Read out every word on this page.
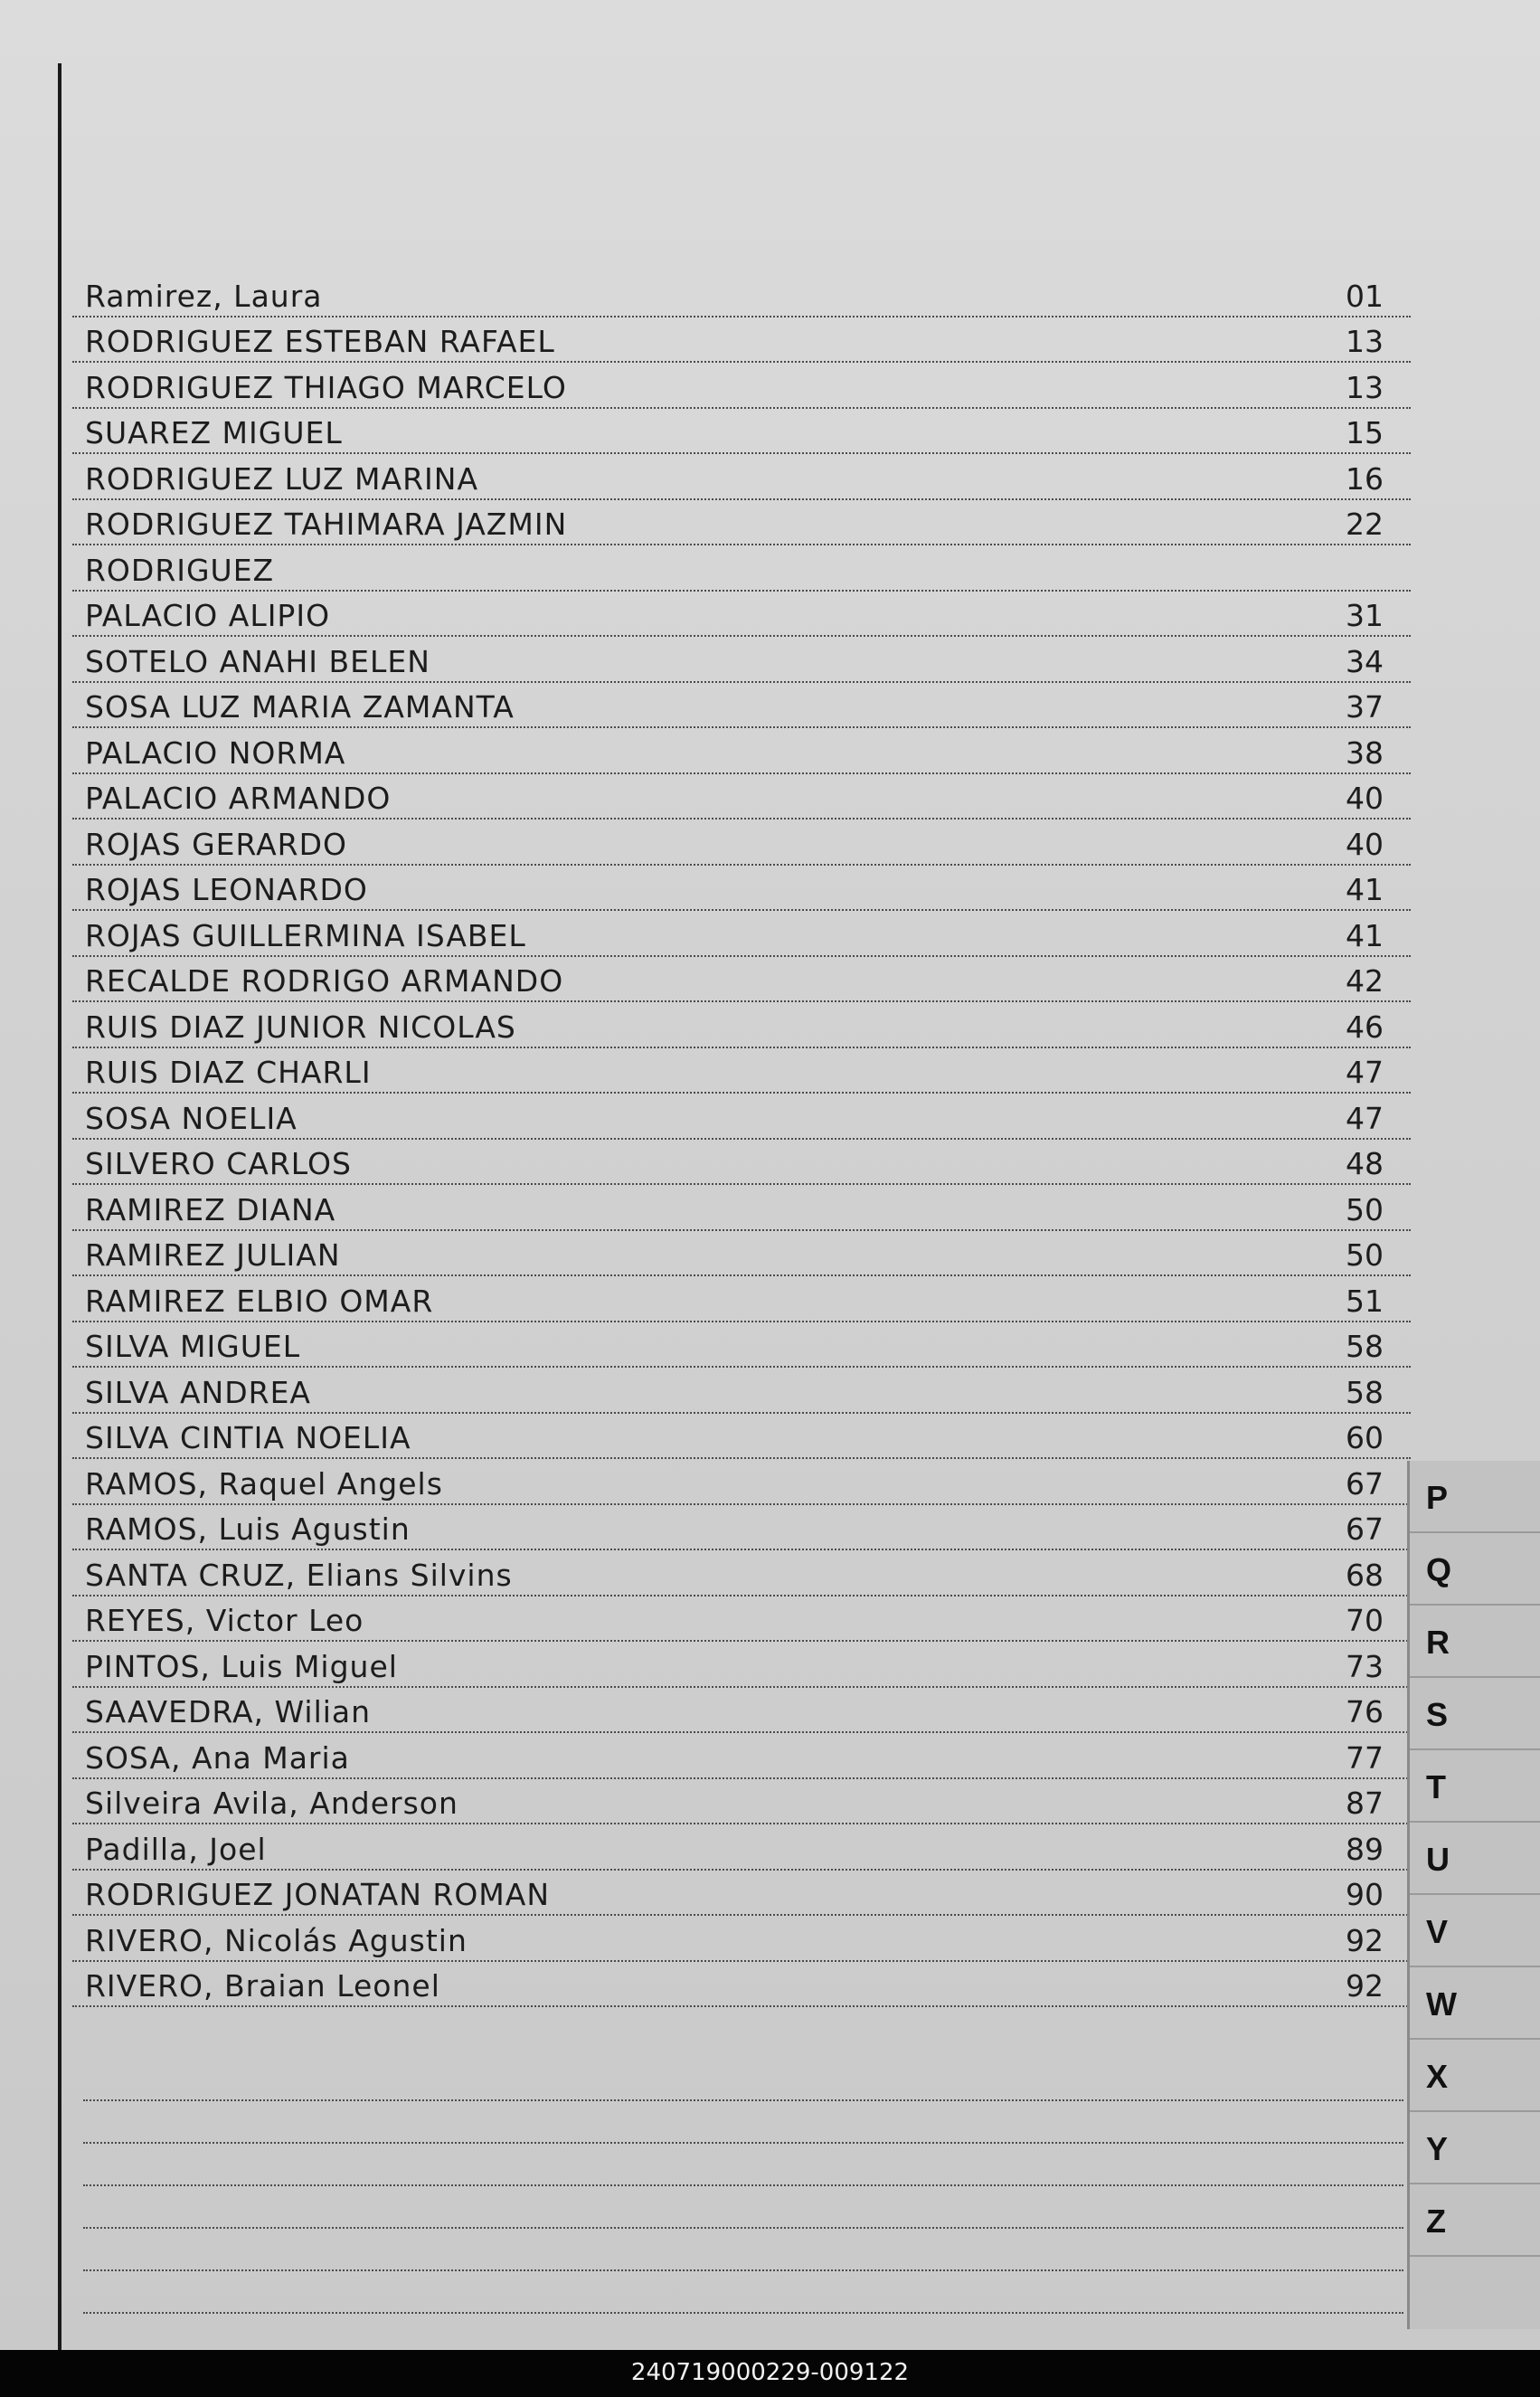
Ramirez, Laura	01
RODRIGUEZ ESTEBAN RAFAEL	13
RODRIGUEZ THIAGO MARCELO	13
SUAREZ MIGUEL	15
RODRIGUEZ LUZ MARINA	16
RODRIGUEZ TAHIMARA JAZMIN	22
RODRIGUEZ
PALACIO ALIPIO	31
SOTELO ANAHI BELEN	34
SOSA LUZ MARIA ZAMANTA	37
PALACIO NORMA	38
PALACIO ARMANDO	40
ROJAS GERARDO	40
ROJAS LEONARDO	41
ROJAS GUILLERMINA ISABEL	41
RECALDE RODRIGO ARMANDO	42
RUIS DIAZ JUNIOR NICOLAS	46
RUIS DIAZ CHARLI	47
SOSA NOELIA	47
SILVERO CARLOS	48
RAMIREZ DIANA	50
RAMIREZ JULIAN	50
RAMIREZ ELBIO OMAR	51
SILVA MIGUEL	58
SILVA ANDREA	58
SILVA CINTIA NOELIA	60
RAMOS, Raquel Angels	67
RAMOS, Luis Agustin	67
SANTA CRUZ, Elians Silvins	68
REYES, Victor Leo	70
PINTOS, Luis Miguel	73
SAAVEDRA, Wilian	76
SOSA, Ana Maria	77
Silveira Avila, Anderson	87
Padilla, Joel	89
RODRIGUEZ JONATAN ROMAN	90
RIVERO, Nicolás Agustin	92
RIVERO, Braian Leonel	92
P
Q
R
S
T
U
V
W
X
Y
Z
240719000229-009122
